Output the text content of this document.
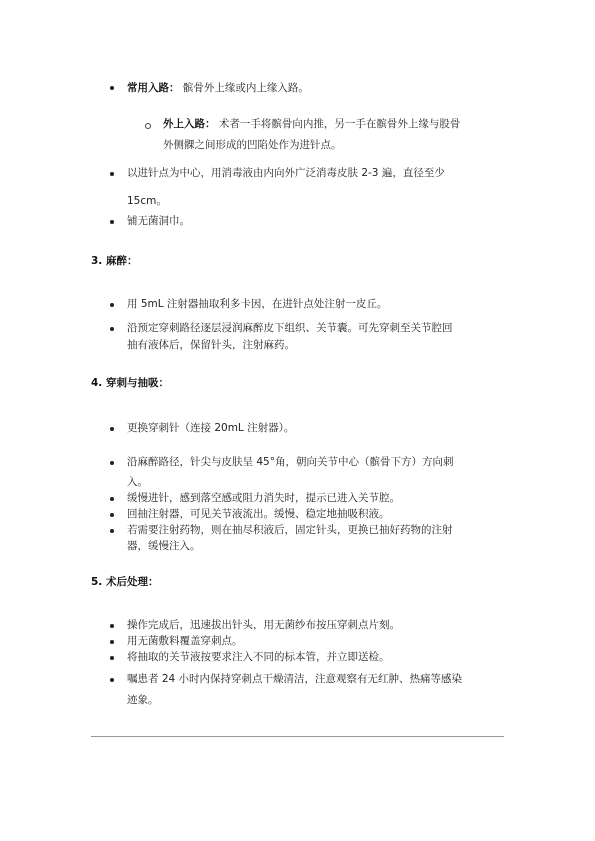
常用入路： 髌骨外上缘或内上缘入路。
外上入路： 术者一手将髌骨向内推，另一手在髌骨外上缘与股骨
外侧髁之间形成的凹陷处作为进针点。
以进针点为中心，用消毒液由内向外广泛消毒皮肤 2-3 遍，直径至少
15cm。
铺无菌洞巾。
3. 麻醉：
用 5mL 注射器抽取利多卡因，在进针点处注射一皮丘。
沿预定穿刺路径逐层浸润麻醉皮下组织、关节囊。可先穿刺至关节腔回
抽有液体后，保留针头，注射麻药。
4. 穿刺与抽吸：
更换穿刺针（连接 20mL 注射器）。
沿麻醉路径，针尖与皮肤呈 45°角，朝向关节中心（髌骨下方）方向刺
入。
缓慢进针，感到落空感或阻力消失时，提示已进入关节腔。
回抽注射器，可见关节液流出。缓慢、稳定地抽吸积液。
若需要注射药物，则在抽尽积液后，固定针头，更换已抽好药物的注射
器，缓慢注入。
5. 术后处理：
操作完成后，迅速拔出针头，用无菌纱布按压穿刺点片刻。
用无菌敷料覆盖穿刺点。
将抽取的关节液按要求注入不同的标本管，并立即送检。
嘱患者 24 小时内保持穿刺点干燥清洁，注意观察有无红肿、热痛等感染
迹象。
